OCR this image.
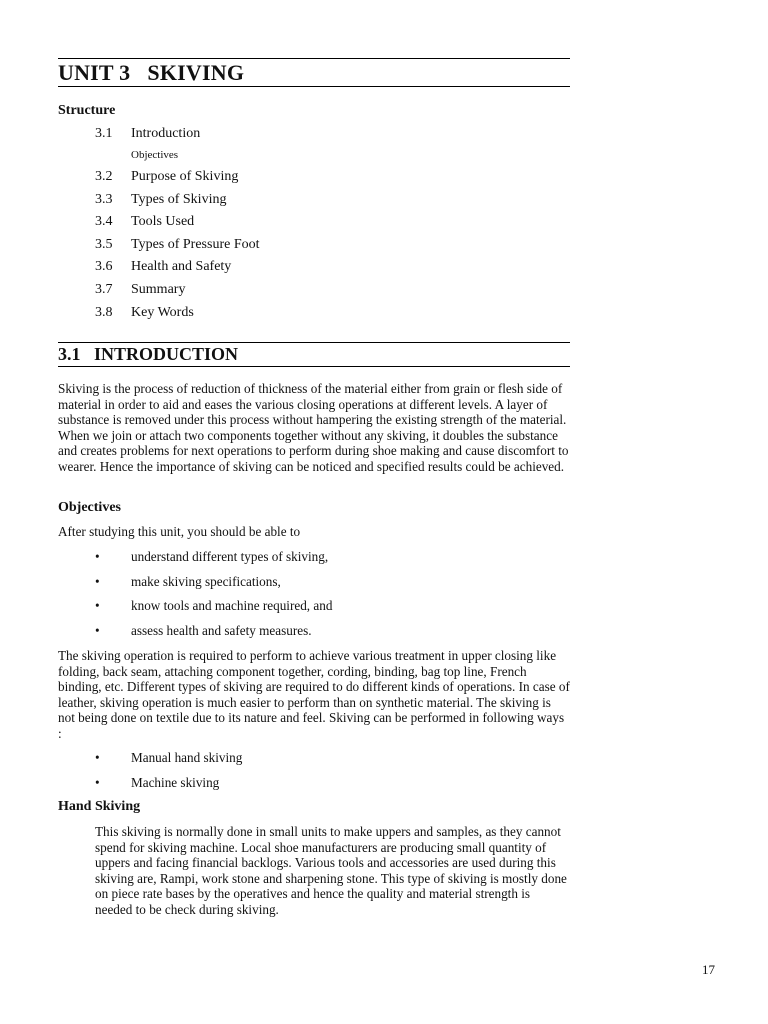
UNIT 3   SKIVING
Structure
3.1 Introduction
Objectives
3.2 Purpose of Skiving
3.3 Types of Skiving
3.4 Tools Used
3.5 Types of Pressure Foot
3.6 Health and Safety
3.7 Summary
3.8 Key Words
3.1   INTRODUCTION
Skiving is the process of reduction of thickness of the material either from grain or flesh side of material in order to aid and eases the various closing operations at different levels. A layer of substance is removed under this process without hampering the existing strength of the material. When we join or attach two components together without any skiving, it doubles the substance and creates problems for next operations to perform during shoe making and cause discomfort to wearer. Hence the importance of skiving can be noticed and specified results could be achieved.
Objectives
After studying this unit, you should be able to
• understand different types of skiving,
• make skiving specifications,
• know tools and machine required, and
• assess health and safety measures.
The skiving operation is required to perform to achieve various treatment in upper closing like folding, back seam, attaching component together, cording, binding, bag top line, French binding, etc. Different types of skiving are required to do different kinds of operations. In case of leather, skiving operation is much easier to perform than on synthetic material. The skiving is not being done on textile due to its nature and feel. Skiving can be performed in following ways :
• Manual hand skiving
• Machine skiving
Hand Skiving
This skiving is normally done in small units to make uppers and samples, as they cannot spend for skiving machine. Local shoe manufacturers are producing small quantity of uppers and facing financial backlogs. Various tools and accessories are used during this skiving are, Rampi, work stone and sharpening stone. This type of skiving is mostly done on piece rate bases by the operatives and hence the quality and material strength is needed to be check during skiving.
17
